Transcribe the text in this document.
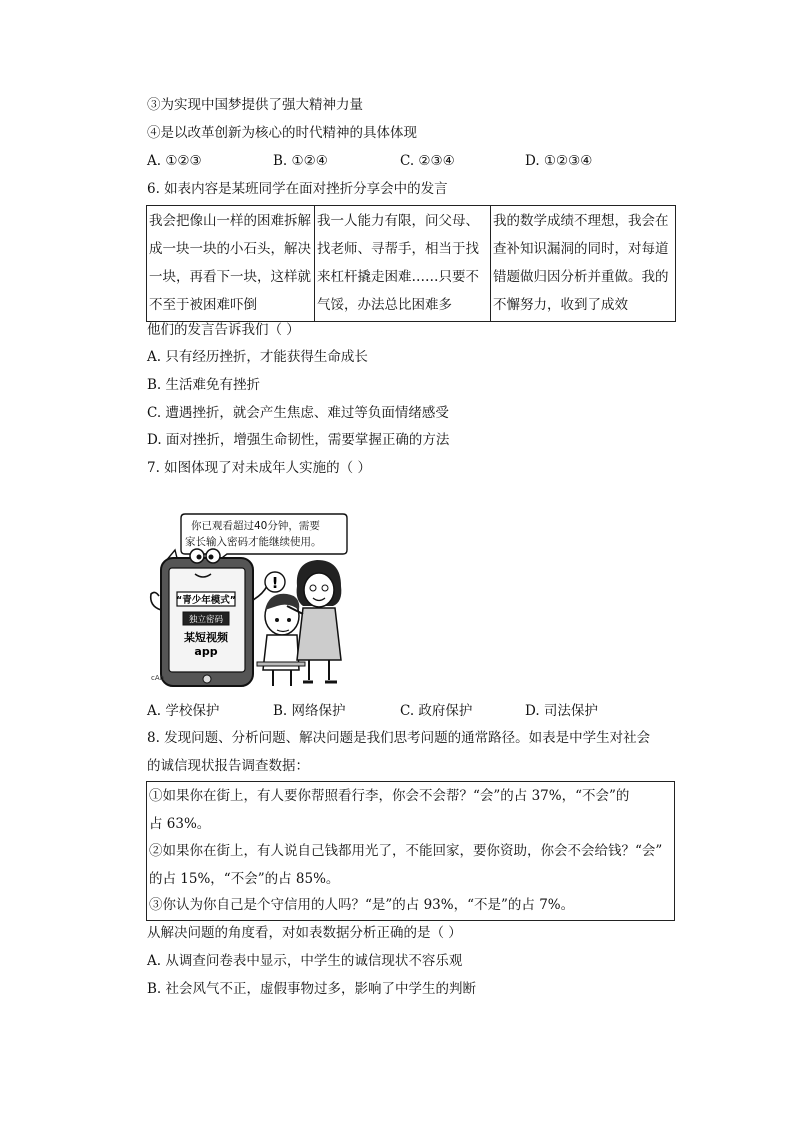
③为实现中国梦提供了强大精神力量
④是以改革创新为核心的时代精神的具体体现
A. ①②③	B. ①②④	C. ②③④	D. ①②③④
6. 如表内容是某班同学在面对挫折分享会中的发言
我会把像山一样的困难拆解成一块一块的小石头，解决一块，再看下一块，这样就不至于被困难吓倒	我一人能力有限，问父母、找老师、寻帮手，相当于找来杠杆撬走困难……只要不气馁，办法总比困难多	我的数学成绩不理想，我会在查补知识漏洞的同时，对每道错题做归因分析并重做。我的不懈努力，收到了成效
他们的发言告诉我们（ ）
A. 只有经历挫折，才能获得生命成长
B. 生活难免有挫折
C. 遭遇挫折，就会产生焦虑、难过等负面情绪感受
D. 面对挫折，增强生命韧性，需要掌握正确的方法
7. 如图体现了对未成年人实施的（ ）
你已观看超过40分钟，需要
家长输入密码才能继续使用。
“青少年模式”
独立密码
某短视频
app
!
cAn
A. 学校保护	B. 网络保护	C. 政府保护	D. 司法保护
8. 发现问题、分析问题、解决问题是我们思考问题的通常路径。如表是中学生对社会
的诚信现状报告调查数据：
①如果你在街上，有人要你帮照看行李，你会不会帮？“会”的占 37%，“不会”的
占 63%。
②如果你在街上，有人说自己钱都用光了，不能回家，要你资助，你会不会给钱？“会”
的占 15%，“不会”的占 85%。
③你认为你自己是个守信用的人吗？“是”的占 93%，“不是”的占 7%。
从解决问题的角度看，对如表数据分析正确的是（ ）
A. 从调查问卷表中显示，中学生的诚信现状不容乐观
B. 社会风气不正，虚假事物过多，影响了中学生的判断
